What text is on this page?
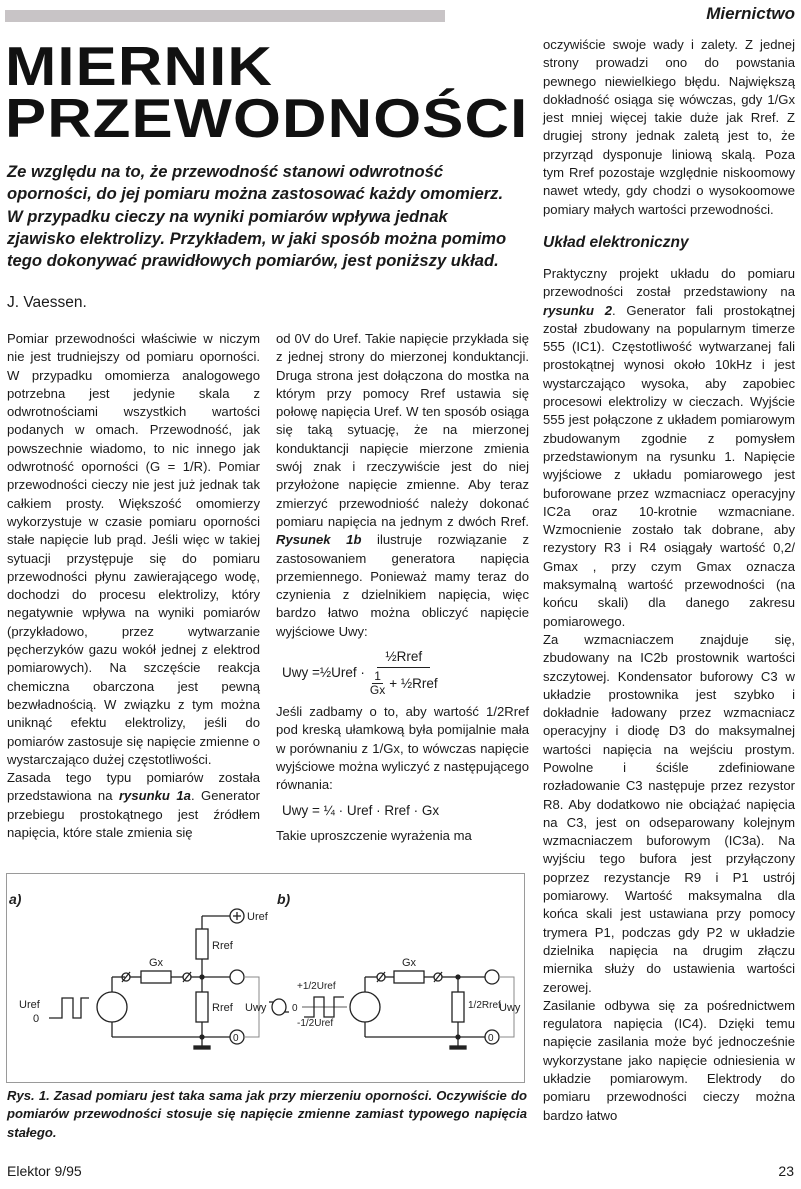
Miernictwo
MIERNIK
PRZEWODNOŚCI
Ze względu na to, że przewodność stanowi odwrotność oporności, do jej pomiaru można zastosować każdy omomierz. W przypadku cieczy na wyniki pomiarów wpływa jednak zjawisko elektrolizy. Przykładem, w jaki sposób można pomimo tego dokonywać prawidłowych pomiarów, jest poniższy układ.
J. Vaessen.

Pomiar przewodności właściwie w niczym nie jest trudniejszy od pomiaru oporności. W przypadku omomierza analogowego potrzebna jest jedynie skala z odwrotnościami wszystkich wartości podanych w omach. Przewodność, jak powszechnie wiadomo, to nic innego jak odwrotność oporności (G = 1/R). Pomiar przewodności cieczy nie jest już jednak tak całkiem prosty. Większość omomierzy wykorzystuje w czasie pomiaru oporności stałe napięcie lub prąd. Jeśli więc w takiej sytuacji przystępuje się do pomiaru przewodności płynu zawierającego wodę, dochodzi do procesu elektrolizy, który negatywnie wpływa na wyniki pomiarów (przykładowo, przez wytwarzanie pęcherzyków gazu wokół jednej z elektrod pomiarowych). Na szczęście reakcja chemiczna obarczona jest pewną bezwładnością. W związku z tym można uniknąć efektu elektrolizy, jeśli do pomiarów zastosuje się napięcie zmienne o wystarczająco dużej częstotliwości.

Zasada tego typu pomiarów została przedstawiona na rysunku 1a. Generator przebiegu prostokątnego jest źródłem napięcia, które stale zmienia się

od 0V do Uref. Takie napięcie przykłada się z jednej strony do mierzonej konduktancji. Druga strona jest dołączona do mostka na którym przy pomocy Rref ustawia się połowę napięcia Uref. W ten sposób osiąga się taką sytuację, że na mierzonej konduktancji napięcie mierzone zmienia swój znak i rzeczywiście jest do niej przyłożone napięcie zmienne. Aby teraz zmierzyć przewodniość należy dokonać pomiaru napięcia na jednym z dwóch Rref. Rysunek 1b ilustruje rozwiązanie z zastosowaniem generatora napięcia przemiennego. Ponieważ mamy teraz do czynienia z dzielnikiem napięcia, więc bardzo łatwo można obliczyć napięcie wyjściowe Uwy:

Uwy = ½ Uref · $\frac{\text{½Rref}}{\frac{1}{Gx} + \frac{1}{2}Rref}$

Jeśli zadbamy o to, aby wartość 1/2Rref pod kreską ułamkową była pomijalnie mała w porównaniu z 1/Gx, to wówczas napięcie wyjściowe można wyliczyć z następującego równania:

Uwy = ¼ · Uref · Rref · Gx

Takie uproszczenie wyrażenia ma

oczywiście swoje wady i zalety. Z jednej strony prowadzi ono do powstania pewnego niewielkiego błędu. Największą dokładność osiąga się wówczas, gdy 1/Gx jest mniej więcej takie duże jak Rref. Z drugiej strony jednak zaletą jest to, że przyrząd dysponuje liniową skalą. Poza tym Rref pozostaje względnie niskoomowy nawet wtedy, gdy chodzi o wysokoomowe pomiary małych wartości przewodności.

Układ elektroniczny

Praktyczny projekt układu do pomiaru przewodności został przedstawiony na rysunku 2. Generator fali prostokątnej został zbudowany na popularnym timerze 555 (IC1). Częstotliwość wytwarzanej fali prostokątnej wynosi około 10kHz i jest wystarczająco wysoka, aby zapobiec procesowi elektrolizy w cieczach. Wyjście 555 jest połączone z układem pomiarowym zbudowanym zgodnie z pomysłem przedstawionym na rysunku 1. Napięcie wyjściowe z układu pomiarowego jest buforowane przez wzmacniacz operacyjny IC2a oraz 10-krotnie wzmacniane. Wzmocnienie zostało tak dobrane, aby rezystory R3 i R4 osiągały wartość 0,2/ Gmax , przy czym Gmax oznacza maksymalną wartość przewodności (na końcu skali) dla danego zakresu pomiarowego.

Za wzmacniaczem znajduje się, zbudowany na IC2b prostownik wartości szczytowej. Kondensator buforowy C3 w układzie prostownika jest szybko i dokładnie ładowany przez wzmacniacz operacyjny i diodę D3 do maksymalnej wartości napięcia na wejściu prostym. Powolne i ściśle zdefiniowane rozładowanie C3 następuje przez rezystor R8. Aby dodatkowo nie obciążać napięcia na C3, jest on odseparowany kolejnym wzmacniaczem buforowym (IC3a). Na wyjściu tego bufora jest przyłączony poprzez rezystancje R9 i P1 ustrój pomiarowy. Wartość maksymalna dla końca skali jest ustawiana przy pomocy trymera P1, podczas gdy P2 w układzie dzielnika napięcia na drugim złączu miernika służy do ustawienia wartości zerowej.

Zasilanie odbywa się za pośrednictwem regulatora napięcia (IC4). Dzięki temu napięcie zasilania może być jednocześnie wykorzystane jako napięcie odniesienia w układzie pomiarowym. Elektrody do pomiaru przewodności cieczy można bardzo łatwo

a)
Uref
0
Gx
Rref
Uref
Rref
0
Uwy
b)
+1/2Uref
0
-1/2Uref
Gx
1/2Rref
0
Uwy
Rys. 1. Zasad pomiaru jest taka sama jak przy mierzeniu oporności. Oczywiście do pomiarów przewodności stosuje się napięcie zmienne zamiast typowego napięcia stałego.
Elektor 9/95	23
